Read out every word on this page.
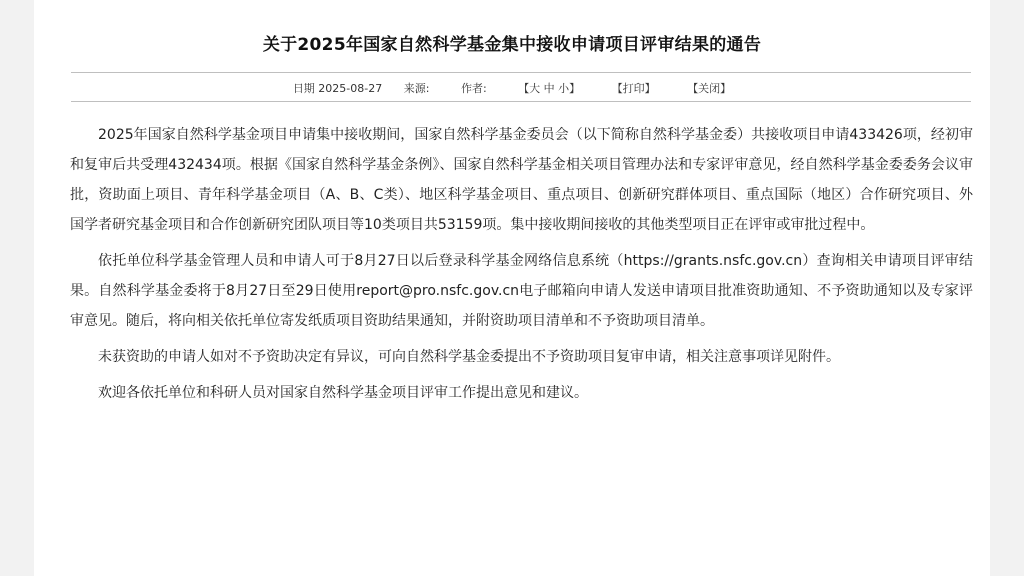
关于2025年国家自然科学基金集中接收申请项目评审结果的通告
日期 2025-08-27 来源:	作者:	【大 中 小】	【打印】	【关闭】

2025年国家自然科学基金项目申请集中接收期间，国家自然科学基金委员会（以下简称自然科学基金委）共接收项目申请433426项，经初审和复审后共受理432434项。根据《国家自然科学基金条例》、国家自然科学基金相关项目管理办法和专家评审意见，经自然科学基金委委务会议审批，资助面上项目、青年科学基金项目（A、B、C类）、地区科学基金项目、重点项目、创新研究群体项目、重点国际（地区）合作研究项目、外国学者研究基金项目和合作创新研究团队项目等10类项目共53159项。集中接收期间接收的其他类型项目正在评审或审批过程中。

依托单位科学基金管理人员和申请人可于8月27日以后登录科学基金网络信息系统（https://grants.nsfc.gov.cn）查询相关申请项目评审结果。自然科学基金委将于8月27日至29日使用report@pro.nsfc.gov.cn电子邮箱向申请人发送申请项目批准资助通知、不予资助通知以及专家评审意见。随后，将向相关依托单位寄发纸质项目资助结果通知，并附资助项目清单和不予资助项目清单。

未获资助的申请人如对不予资助决定有异议，可向自然科学基金委提出不予资助项目复审申请，相关注意事项详见附件。

欢迎各依托单位和科研人员对国家自然科学基金项目评审工作提出意见和建议。
